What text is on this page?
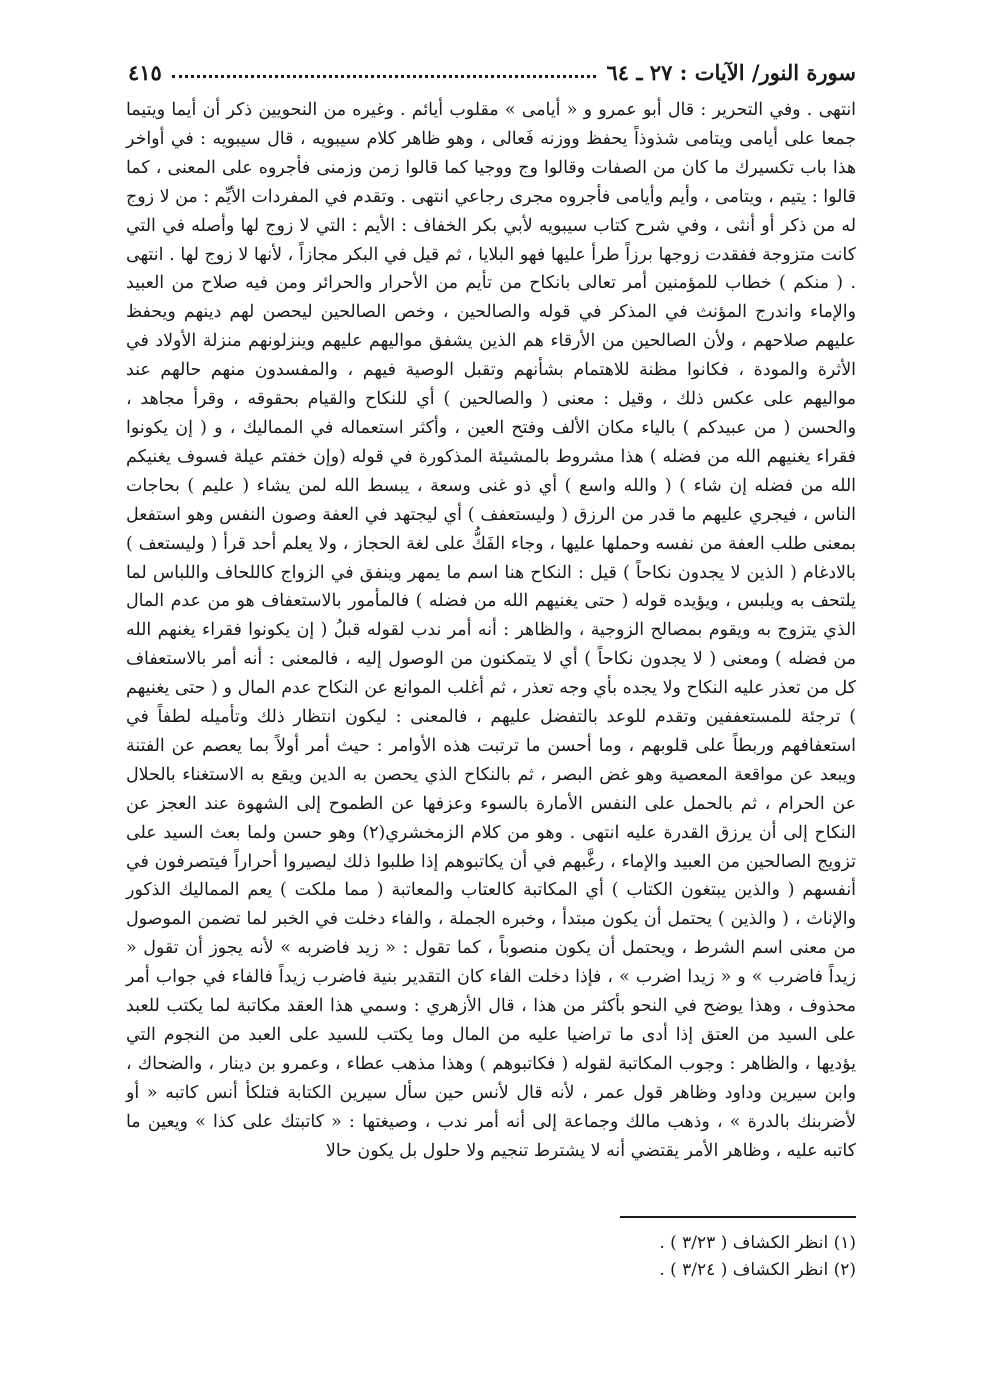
سورة النور/ الآيات : ٢٧ ـ ٦٤
٤١٥

انتهى . وفي التحرير : قال أبو عمرو و « أيامى » مقلوب أيائم . وغيره من النحويين ذكر أن أيما ويتيما جمعا على أيامى ويتامى شذوذاً يحفظ ووزنه فَعالى ، وهو ظاهر كلام سيبويه ، قال سيبويه : في أواخر هذا باب تكسيرك ما كان من الصفات وقالوا وج ووجيا كما قالوا زمن وزمنى فأجروه على المعنى ، كما قالوا : يتيم ، ويتامى ، وأيم وأيامى فأجروه مجرى رجاعي انتهى . وتقدم في المفردات الأيِّم : من لا زوج له من ذكر أو أنثى ، وفي شرح كتاب سيبويه لأبي بكر الخفاف : الأيم : التي لا زوج لها وأصله في التي كانت متزوجة ففقدت زوجها برزاً طرأ عليها فهو البلايا ، ثم قيل في البكر مجازاً ، لأنها لا زوج لها . انتهى . ( منكم ) خطاب للمؤمنين أمر تعالى بانكاح من تأيم من الأحرار والحرائر ومن فيه صلاح من العبيد والإماء واندرج المؤنث في المذكر في قوله والصالحين ، وخص الصالحين ليحصن لهم دينهم ويحفظ عليهم صلاحهم ، ولأن الصالحين من الأرقاء هم الذين يشفق مواليهم عليهم وينزلونهم منزلة الأولاد في الأثرة والمودة ، فكانوا مظنة للاهتمام بشأنهم وتقبل الوصية فيهم ، والمفسدون منهم حالهم عند مواليهم على عكس ذلك ، وقيل : معنى ( والصالحين ) أي للنكاح والقيام بحقوقه ، وقرأ مجاهد ، والحسن ( من عبيدكم ) بالياء مكان الألف وفتح العين ، وأكثر استعماله في المماليك ، و ( إن يكونوا فقراء يغنيهم الله من فضله ) هذا مشروط بالمشيئة المذكورة في قوله (وإن خفتم عيلة فسوف يغنيكم الله من فضله إن شاء ) ( والله واسع ) أي ذو غنى وسعة ، يبسط الله لمن يشاء ( عليم ) بحاجات الناس ، فيجري عليهم ما قدر من الرزق ( وليستعفف ) أي ليجتهد في العفة وصون النفس وهو استفعل بمعنى طلب العفة من نفسه وحملها عليها ، وجاء الفَكُّ على لغة الحجاز ، ولا يعلم أحد قرأ ( وليستعف ) بالادغام ( الذين لا يجدون نكاحاً ) قيل : النكاح هنا اسم ما يمهر وينفق في الزواج كاللحاف واللباس لما يلتحف به ويلبس ، ويؤيده قوله ( حتى يغنيهم الله من فضله ) فالمأمور بالاستعفاف هو من عدم المال الذي يتزوج به ويقوم بمصالح الزوجية ، والظاهر : أنه أمر ندب لقوله قبلُ ( إن يكونوا فقراء يغنهم الله من فضله ) ومعنى ( لا يجدون نكاحاً ) أي لا يتمكنون من الوصول إليه ، فالمعنى : أنه أمر بالاستعفاف كل من تعذر عليه النكاح ولا يجده بأي وجه تعذر ، ثم أغلب الموانع عن النكاح عدم المال و ( حتى يغنيهم ) ترجئة للمستعففين وتقدم للوعد بالتفضل عليهم ، فالمعنى : ليكون انتظار ذلك وتأميله لطفاً في استعفافهم وربطاً على قلوبهم ، وما أحسن ما ترتبت هذه الأوامر : حيث أمر أولاً بما يعصم عن الفتنة ويبعد عن مواقعة المعصية وهو غض البصر ، ثم بالنكاح الذي يحصن به الدين ويقع به الاستغناء بالحلال عن الحرام ، ثم بالحمل على النفس الأمارة بالسوء وعزفها عن الطموح إلى الشهوة عند العجز عن النكاح إلى أن يرزق القدرة عليه انتهى . وهو من كلام الزمخشري(٢) وهو حسن ولما بعث السيد على تزويج الصالحين من العبيد والإماء ، رغَّبهم في أن يكاتبوهم إذا طلبوا ذلك ليصيروا أحراراً فيتصرفون في أنفسهم ( والذين يبتغون الكتاب ) أي المكاتبة كالعتاب والمعاتبة ( مما ملكت ) يعم المماليك الذكور والإناث ، ( والذين ) يحتمل أن يكون مبتدأ ، وخبره الجملة ، والفاء دخلت في الخبر لما تضمن الموصول من معنى اسم الشرط ، ويحتمل أن يكون منصوباً ، كما تقول : « زيد فاضربه » لأنه يجوز أن تقول « زيداً فاضرب » و « زيدا اضرب » ، فإذا دخلت الفاء كان التقدير بنية فاضرب زيداً فالفاء في جواب أمر محذوف ، وهذا يوضح في النحو بأكثر من هذا ، قال الأزهري : وسمي هذا العقد مكاتبة لما يكتب للعبد على السيد من العتق إذا أدى ما تراضيا عليه من المال وما يكتب للسيد على العبد من النجوم التي يؤديها ، والظاهر : وجوب المكاتبة لقوله ( فكاتبوهم ) وهذا مذهب عطاء ، وعمرو بن دينار ، والضحاك ، وابن سيرين وداود وظاهر قول عمر ، لأنه قال لأنس حين سأل سيرين الكتابة فتلكأ أنس كاتبه « أو لأضربنك بالدرة » ، وذهب مالك وجماعة إلى أنه أمر ندب ، وصيغتها : « كاتبتك على كذا » ويعين ما كاتبه عليه ، وظاهر الأمر يقتضي أنه لا يشترط تنجيم ولا حلول بل يكون حالا

(١) انظر الكشاف ( ٣/٢٣ ) .
(٢) انظر الكشاف ( ٣/٢٤ ) .
